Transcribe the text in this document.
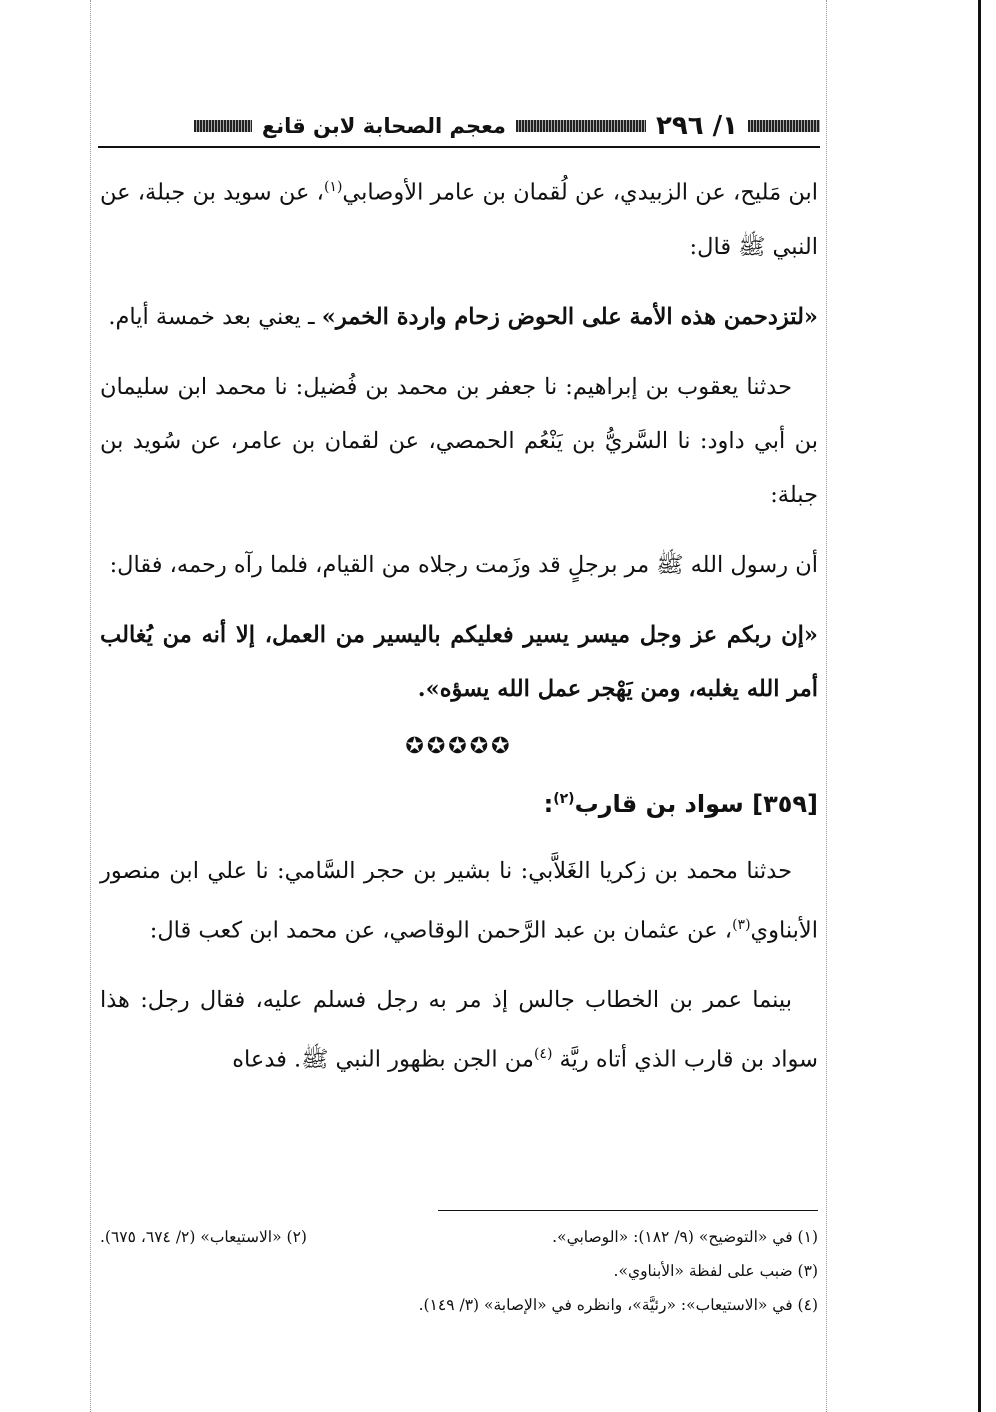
١/ ٢٩٦
معجم الصحابة لابن قانع

ابن مَليح، عن الزبيدي، عن لُقمان بن عامر الأوصابي$^{(١)}$، عن سويد بن جبلة، عن النبي ﷺ قال:

«لتزدحمن هذه الأمة على الحوض زحام واردة الخمر» ـ يعني بعد خمسة أيام.

حدثنا يعقوب بن إبراهيم: نا جعفر بن محمد بن فُضيل: نا محمد ابن سليمان بن أبي داود: نا السَّريُّ بن يَنْعُم الحمصي، عن لقمان بن عامر، عن سُويد بن جبلة:

أن رسول الله ﷺ مر برجلٍ قد وزَمت رجلاه من القيام، فلما رآه رحمه، فقال:

«إن ربكم عز وجل ميسر يسير فعليكم باليسير من العمل، إلا أنه من يُغالب أمر الله يغلبه، ومن يَهْجر عمل الله يسؤه».

✪✪✪✪✪
[٣٥٩] سواد بن قارب$^{(٢)}$:

حدثنا محمد بن زكريا الغَلاَّبي: نا بشير بن حجر السَّامي: نا علي ابن منصور الأبناوي$^{(٣)}$، عن عثمان بن عبد الرَّحمن الوقاصي، عن محمد ابن كعب قال:

بينما عمر بن الخطاب جالس إذ مر به رجل فسلم عليه، فقال رجل: هذا سواد بن قارب الذي أتاه ريَّة $^{(٤)}$من الجن بظهور النبي ﷺ. فدعاه

(١) في «التوضيح» (٩/ ١٨٢): «الوصابي».
(٢) «الاستيعاب» (٢/ ٦٧٤، ٦٧٥).
(٣) ضبب على لفظة «الأبناوي».
(٤) في «الاستيعاب»: «رئيَّة»، وانظره في «الإصابة» (٣/ ١٤٩).
